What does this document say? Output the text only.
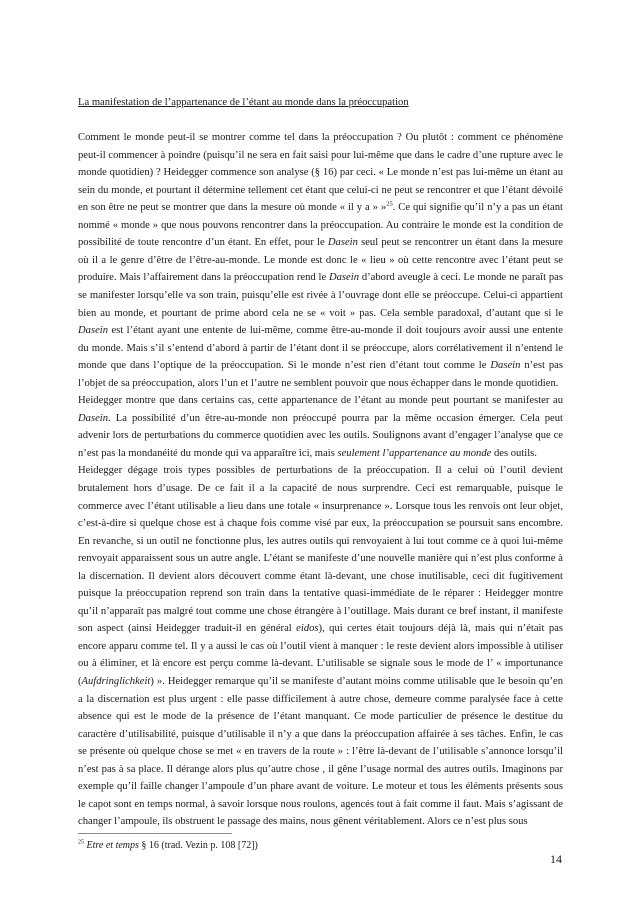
La manifestation de l’appartenance de l’étant au monde dans la préoccupation

Comment le monde peut-il se montrer comme tel dans la préoccupation ? Ou plutôt : comment ce phénomène peut-il commencer à poindre (puisqu’il ne sera en fait saisi pour lui-même que dans le cadre d’une rupture avec le monde quotidien) ? Heidegger commence son analyse (§ 16) par ceci. « Le monde n’est pas lui-même un étant au sein du monde, et pourtant il détermine tellement cet étant que celui-ci ne peut se rencontrer et que l’étant dévoilé en son être ne peut se montrer que dans la mesure où monde « il y a » »$^{25}$. Ce qui signifie qu’il n’y a pas un étant nommé « monde » que nous pouvons rencontrer dans la préoccupation. Au contraire le monde est la condition de possibilité de toute rencontre d’un étant. En effet, pour le Dasein seul peut se rencontrer un étant dans la mesure où il a le genre d’être de l’être-au-monde. Le monde est donc le « lieu » où cette rencontre avec l’étant peut se produire. Mais l’affairement dans la préoccupation rend le Dasein d’abord aveugle à ceci. Le monde ne paraît pas se manifester lorsqu’elle va son train, puisqu’elle est rivée à l’ouvrage dont elle se préoccupe. Celui-ci appartient bien au monde, et pourtant de prime abord cela ne se « voit » pas. Cela semble paradoxal, d’autant que si le Dasein est l’étant ayant une entente de lui-même, comme être-au-monde il doit toujours avoir aussi une entente du monde. Mais s’il s’entend d’abord à partir de l’étant dont il se préoccupe, alors corrélativement il n’entend le monde que dans l’optique de la préoccupation. Si le monde n’est rien d’étant tout comme le Dasein n’est pas l’objet de sa préoccupation, alors l’un et l’autre ne semblent pouvoir que nous échapper dans le monde quotidien.

Heidegger montre que dans certains cas, cette appartenance de l’étant au monde peut pourtant se manifester au Dasein. La possibilité d’un être-au-monde non préoccupé pourra par la même occasion émerger. Cela peut advenir lors de perturbations du commerce quotidien avec les outils. Soulignons avant d’engager l’analyse que ce n’est pas la mondanéité du monde qui va apparaître ici, mais seulement l’appartenance au monde des outils.

Heidegger dégage trois types possibles de perturbations de la préoccupation. Il a celui où l’outil devient brutalement hors d’usage. De ce fait il a la capacité de nous surprendre. Ceci est remarquable, puisque le commerce avec l’étant utilisable a lieu dans une totale « insurprenance ». Lorsque tous les renvois ont leur objet, c’est-à-dire si quelque chose est à chaque fois comme visé par eux, la préoccupation se poursuit sans encombre. En revanche, si un outil ne fonctionne plus, les autres outils qui renvoyaient à lui tout comme ce à quoi lui-même renvoyait apparaissent sous un autre angle. L’étant se manifeste d’une nouvelle manière qui n’est plus conforme à la discernation. Il devient alors découvert comme étant là-devant, une chose inutilisable, ceci dit fugitivement puisque la préoccupation reprend son train dans la tentative quasi-immédiate de le réparer : Heidegger montre qu’il n’apparaît pas malgré tout comme une chose étrangère à l’outillage. Mais durant ce bref instant, il manifeste son aspect (ainsi Heidegger traduit-il en général eidos), qui certes était toujours déjà là, mais qui n’était pas encore apparu comme tel. Il y a aussi le cas où l’outil vient à manquer : le reste devient alors impossible à utiliser ou à éliminer, et là encore est perçu comme là-devant. L’utilisable se signale sous le mode de l’ « importunance (Aufdringlichkeit) ». Heidegger remarque qu’il se manifeste d’autant moins comme utilisable que le besoin qu’en a la discernation est plus urgent : elle passe difficilement à autre chose, demeure comme paralysée face à cette absence qui est le mode de la présence de l’étant manquant. Ce mode particulier de présence le destitue du caractère d’utilisabilité, puisque d’utilisable il n’y a que dans la préoccupation affairée à ses tâches. Enfin, le cas se présente où quelque chose se met « en travers de la route » : l’être là-devant de l’utilisable s’annonce lorsqu’il n’est pas à sa place. Il dérange alors plus qu’autre chose , il gêne l’usage normal des autres outils. Imaginons par exemple qu’il faille changer l’ampoule d’un phare avant de voiture. Le moteur et tous les éléments présents sous le capot sont en temps normal, à savoir lorsque nous roulons, agencés tout à fait comme il faut. Mais s’agissant de changer l’ampoule, ils obstruent le passage des mains, nous gênent véritablement. Alors ce n’est plus sous

$^{25}$ Etre et temps § 16 (trad. Vezin p. 108 [72])
14
